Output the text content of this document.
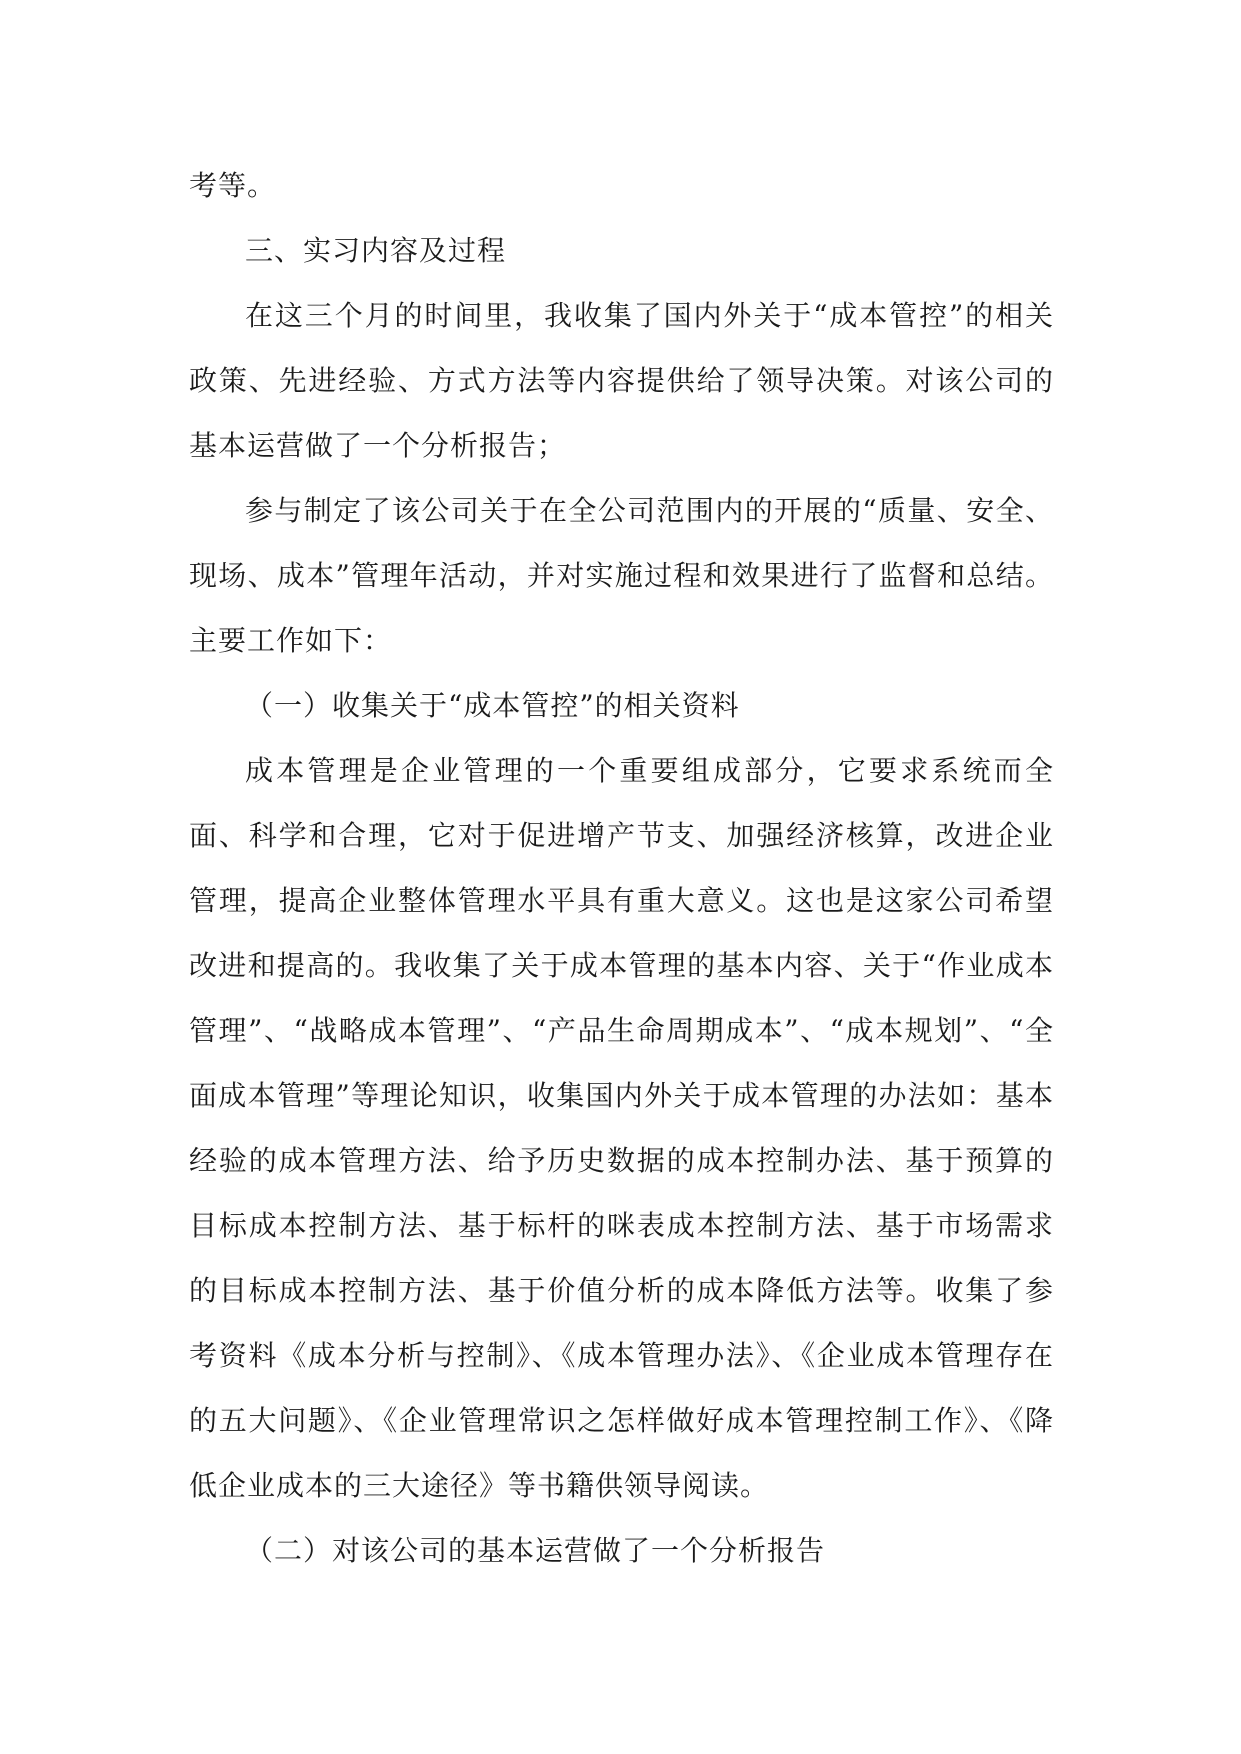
考等。

三、实习内容及过程

在这三个月的时间里，我收集了国内外关于“成本管控”的相关政策、先进经验、方式方法等内容提供给了领导决策。对该公司的基本运营做了一个分析报告；

参与制定了该公司关于在全公司范围内的开展的“质量、安全、现场、成本”管理年活动，并对实施过程和效果进行了监督和总结。主要工作如下：

（一）收集关于“成本管控”的相关资料

成本管理是企业管理的一个重要组成部分，它要求系统而全面、科学和合理，它对于促进增产节支、加强经济核算，改进企业管理，提高企业整体管理水平具有重大意义。这也是这家公司希望改进和提高的。我收集了关于成本管理的基本内容、关于“作业成本管理”、“战略成本管理”、“产品生命周期成本”、“成本规划”、“全面成本管理”等理论知识，收集国内外关于成本管理的办法如：基本经验的成本管理方法、给予历史数据的成本控制办法、基于预算的目标成本控制方法、基于标杆的咪表成本控制方法、基于市场需求的目标成本控制方法、基于价值分析的成本降低方法等。收集了参考资料《成本分析与控制》、《成本管理办法》、《企业成本管理存在的五大问题》、《企业管理常识之怎样做好成本管理控制工作》、《降低企业成本的三大途径》等书籍供领导阅读。

（二）对该公司的基本运营做了一个分析报告
